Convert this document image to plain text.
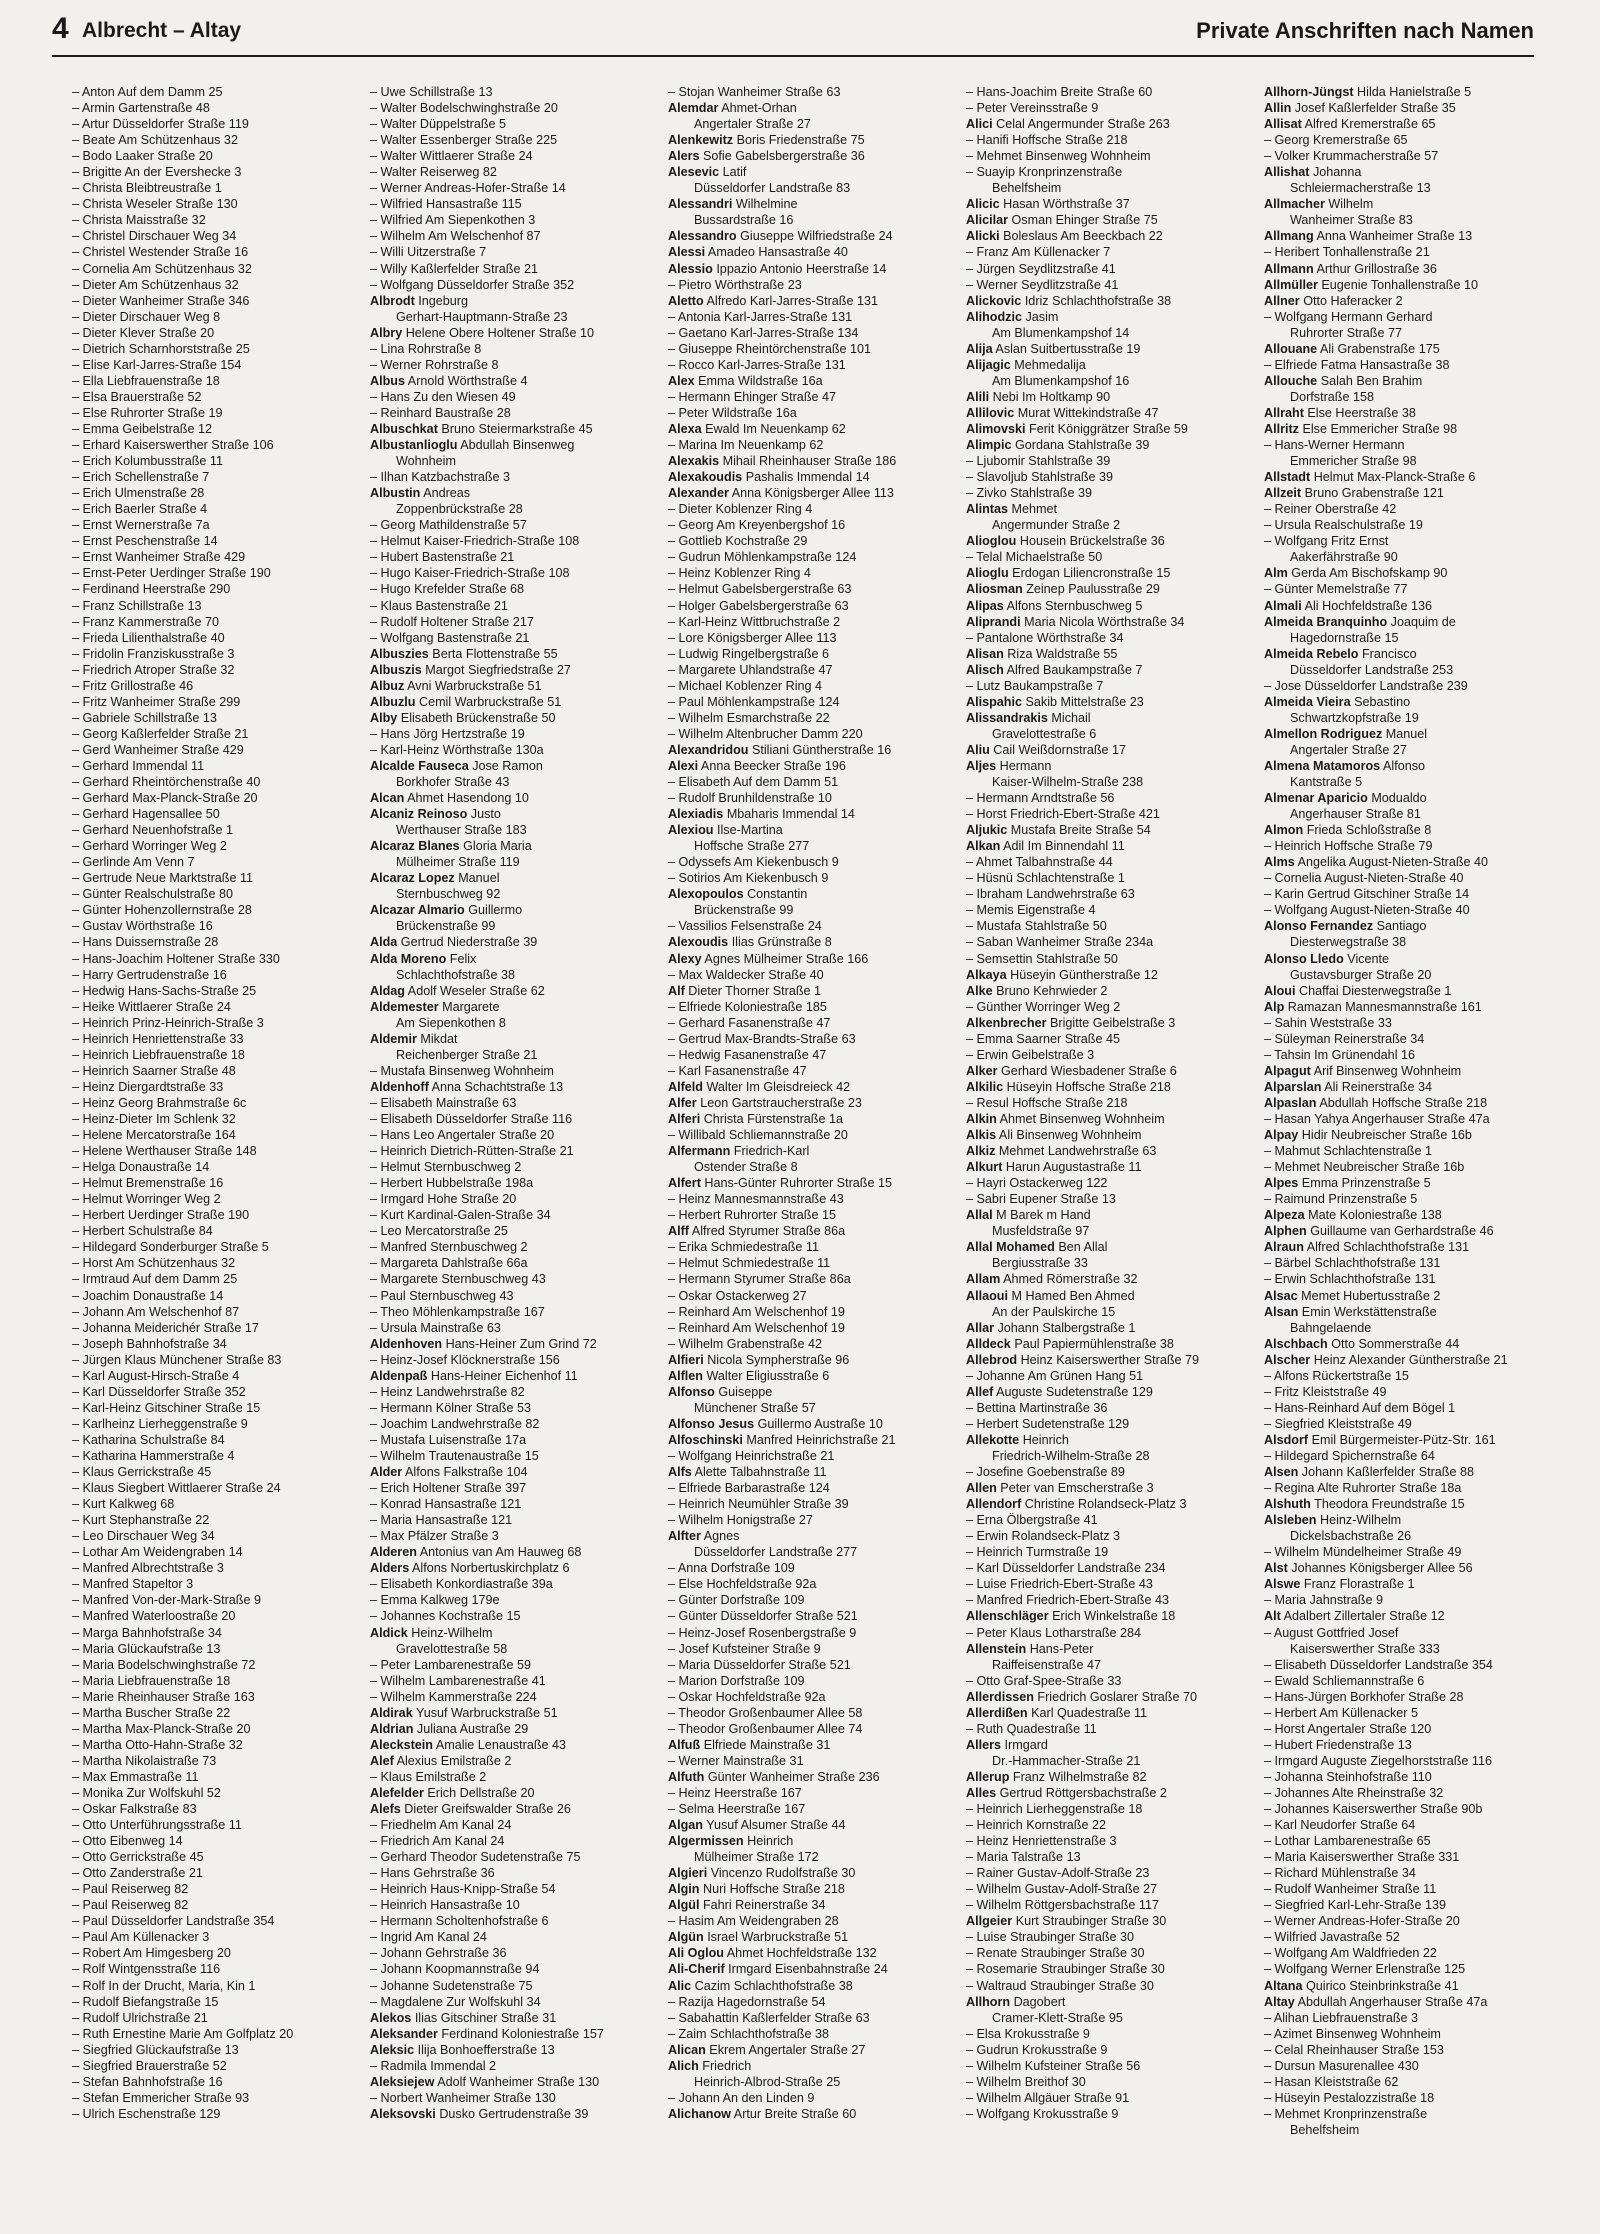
4 Albrecht – Altay	Private Anschriften nach Namen
– Anton Auf dem Damm 25
– Armin Gartenstraße 48
– Artur Düsseldorfer Straße 119
– Beate Am Schützenhaus 32
– Bodo Laaker Straße 20
– Brigitte An der Evershecke 3
– Christa Bleibtreustraße 1
– Christa Weseler Straße 130
– Christa Maisstraße 32
– Christel Dirschauer Weg 34
– Christel Westender Straße 16
– Cornelia Am Schützenhaus 32
– Dieter Am Schützenhaus 32
– Dieter Wanheimer Straße 346
– Dieter Dirschauer Weg 8
– Dieter Klever Straße 20
– Dietrich Scharnhorststraße 25
– Elise Karl-Jarres-Straße 154
– Ella Liebfrauenstraße 18
– Elsa Brauerstraße 52
– Else Ruhrorter Straße 19
– Emma Geibelstraße 12
– Erhard Kaiserswerther Straße 106
– Erich Kolumbusstraße 11
– Erich Schellenstraße 7
– Erich Ulmenstraße 28
– Erich Baerler Straße 4
– Ernst Wernerstraße 7a
– Ernst Peschenstraße 14
– Ernst Wanheimer Straße 429
– Ernst-Peter Uerdinger Straße 190
– Ferdinand Heerstraße 290
– Franz Schillstraße 13
– Franz Kammerstraße 70
– Frieda Lilienthalstraße 40
– Fridolin Franziskusstraße 3
– Friedrich Atroper Straße 32
– Fritz Grillostraße 46
– Fritz Wanheimer Straße 299
– Gabriele Schillstraße 13
– Georg Kaßlerfelder Straße 21
– Gerd Wanheimer Straße 429
– Gerhard Immendal 11
– Gerhard Rheintörchenstraße 40
– Gerhard Max-Planck-Straße 20
– Gerhard Hagensallee 50
– Gerhard Neuenhofstraße 1
– Gerhard Worringer Weg 2
– Gerlinde Am Venn 7
– Gertrude Neue Marktstraße 11
– Günter Realschulstraße 80
– Günter Hohenzollernstraße 28
– Gustav Wörthstraße 16
– Hans Duissernstraße 28
– Hans-Joachim Holtener Straße 330
– Harry Gertrudenstraße 16
– Hedwig Hans-Sachs-Straße 25
– Heike Wittlaerer Straße 24
– Heinrich Prinz-Heinrich-Straße 3
– Heinrich Henriettenstraße 33
– Heinrich Liebfrauenstraße 18
– Heinrich Saarner Straße 48
– Heinz Diergardtstraße 33
– Heinz Georg Brahmstraße 6c
– Heinz-Dieter Im Schlenk 32
– Helene Mercatorstraße 164
– Helene Werthauser Straße 148
– Helga Donaustraße 14
– Helmut Bremenstraße 16
– Helmut Worringer Weg 2
– Herbert Uerdinger Straße 190
– Herbert Schulstraße 84
– Hildegard Sonderburger Straße 5
– Horst Am Schützenhaus 32
– Irmtraud Auf dem Damm 25
– Joachim Donaustraße 14
– Johann Am Welschenhof 87
– Johanna Meiderichér Straße 17
– Joseph Bahnhofstraße 34
– Jürgen Klaus Münchener Straße 83
– Karl August-Hirsch-Straße 4
– Karl Düsseldorfer Straße 352
– Karl-Heinz Gitschiner Straße 15
– Karlheinz Lierheggenstraße 9
– Katharina Schulstraße 84
– Katharina Hammerstraße 4
– Klaus Gerrickstraße 45
– Klaus Siegbert Wittlaerer Straße 24
– Kurt Kalkweg 68
– Kurt Stephanstraße 22
– Leo Dirschauer Weg 34
– Lothar Am Weidengraben 14
– Manfred Albrechtstraße 3
– Manfred Stapeltor 3
– Manfred Von-der-Mark-Straße 9
– Manfred Waterloostraße 20
– Marga Bahnhofstraße 34
– Maria Glückaufstraße 13
– Maria Bodelschwinghstraße 72
– Maria Liebfrauenstraße 18
– Marie Rheinhauser Straße 163
– Martha Buscher Straße 22
– Martha Max-Planck-Straße 20
– Martha Otto-Hahn-Straße 32
– Martha Nikolaistraße 73
– Max Emmastraße 11
– Monika Zur Wolfskuhl 52
– Oskar Falkstraße 83
– Otto Unterführungsstraße 11
– Otto Eibenweg 14
– Otto Gerrickstraße 45
– Otto Zanderstraße 21
– Paul Reiserweg 82
– Paul Reiserweg 82
– Paul Düsseldorfer Landstraße 354
– Paul Am Küllenacker 3
– Robert Am Himgesberg 20
– Rolf Wintgensstraße 116
– Rolf In der Drucht, Maria, Kin 1
– Rudolf Biefangstraße 15
– Rudolf Ulrichstraße 21
– Ruth Ernestine Marie Am Golfplatz 20
– Siegfried Glückaufstraße 13
– Siegfried Brauerstraße 52
– Stefan Bahnhofstraße 16
– Stefan Emmericher Straße 93
– Ulrich Eschenstraße 129
– Uwe Schillstraße 13
– Walter Bodelschwinghstraße 20
– Walter Düppelstraße 5
– Walter Essenberger Straße 225
– Walter Wittlaerer Straße 24
– Walter Reiserweg 82
– Werner Andreas-Hofer-Straße 14
– Wilfried Hansastraße 115
– Wilfried Am Siepenkothen 3
– Wilhelm Am Welschenhof 87
– Willi Uitzerstraße 7
– Willy Kaßlerfelder Straße 21
– Wolfgang Düsseldorfer Straße 352
Albrodt Ingeburg
Gerhart-Hauptmann-Straße 23
Albry Helene Obere Holtener Straße 10
– Lina Rohrstraße 8
– Werner Rohrstraße 8
Albus Arnold Wörthstraße 4
– Hans Zu den Wiesen 49
– Reinhard Baustraße 28
Albuschkat Bruno Steiermarkstraße 45
Albustanlioglu Abdullah Binsenweg
Wohnheim
– Ilhan Katzbachstraße 3
Albustin Andreas
Zoppenbrückstraße 28
– Georg Mathildenstraße 57
– Helmut Kaiser-Friedrich-Straße 108
– Hubert Bastenstraße 21
– Hugo Kaiser-Friedrich-Straße 108
– Hugo Krefelder Straße 68
– Klaus Bastenstraße 21
– Rudolf Holtener Straße 217
– Wolfgang Bastenstraße 21
Albuszies Berta Flottenstraße 55
Albuszis Margot Siegfriedstraße 27
Albuz Avni Warbruckstraße 51
Albuzlu Cemil Warbruckstraße 51
Alby Elisabeth Brückenstraße 50
– Hans Jörg Hertzstraße 19
– Karl-Heinz Wörthstraße 130a
Alcalde Fauseca Jose Ramon
Borkhofer Straße 43
Alcan Ahmet Hasendong 10
Alcaniz Reinoso Justo
Werthauser Straße 183
Alcaraz Blanes Gloria Maria
Mülheimer Straße 119
Alcaraz Lopez Manuel
Sternbuschweg 92
Alcazar Almario Guillermo
Brückenstraße 99
Alda Gertrud Niederstraße 39
Alda Moreno Felix
Schlachthofstraße 38
Aldag Adolf Weseler Straße 62
Aldemester Margarete
Am Siepenkothen 8
Aldemir Mikdat
Reichenberger Straße 21
– Mustafa Binsenweg Wohnheim
Aldenhoff Anna Schachtstraße 13
– Elisabeth Mainstraße 63
– Elisabeth Düsseldorfer Straße 116
– Hans Leo Angertaler Straße 20
– Heinrich Dietrich-Rütten-Straße 21
– Helmut Sternbuschweg 2
– Herbert Hubbelstraße 198a
– Irmgard Hohe Straße 20
– Kurt Kardinal-Galen-Straße 34
– Leo Mercatorstraße 25
– Manfred Sternbuschweg 2
– Margareta Dahlstraße 66a
– Margarete Sternbuschweg 43
– Paul Sternbuschweg 43
– Theo Möhlenkampstraße 167
– Ursula Mainstraße 63
Aldenhoven Hans-Heiner Zum Grind 72
– Heinz-Josef Klöcknerstraße 156
Aldenpaß Hans-Heiner Eichenhof 11
– Heinz Landwehrstraße 82
– Hermann Kölner Straße 53
– Joachim Landwehrstraße 82
– Mustafa Luisenstraße 17a
– Wilhelm Trautenaustraße 15
Alder Alfons Falkstraße 104
– Erich Holtener Straße 397
– Konrad Hansastraße 121
– Maria Hansastraße 121
– Max Pfälzer Straße 3
Alderen Antonius van Am Hauweg 68
Alders Alfons Norbertuskirchplatz 6
– Elisabeth Konkordiastraße 39a
– Emma Kalkweg 179e
– Johannes Kochstraße 15
Aldick Heinz-Wilhelm
Gravelottestraße 58
– Peter Lambarenestraße 59
– Wilhelm Lambarenestraße 41
– Wilhelm Kammerstraße 224
Aldirak Yusuf Warbruckstraße 51
Aldrian Juliana Austraße 29
Aleckstein Amalie Lenaustraße 43
Alef Alexius Emilstraße 2
– Klaus Emilstraße 2
Alefelder Erich Dellstraße 20
Alefs Dieter Greifswalder Straße 26
– Friedhelm Am Kanal 24
– Friedrich Am Kanal 24
– Gerhard Theodor Sudetenstraße 75
– Hans Gehrstraße 36
– Heinrich Haus-Knipp-Straße 54
– Heinrich Hansastraße 10
– Hermann Scholtenhofstraße 6
– Ingrid Am Kanal 24
– Johann Gehrstraße 36
– Johann Koopmannstraße 94
– Johanne Sudetenstraße 75
– Magdalene Zur Wolfskuhl 34
Alekos Ilias Gitschiner Straße 31
Aleksander Ferdinand Koloniestraße 157
Aleksic Ilija Bonhoefferstraße 13
– Radmila Immendal 2
Aleksiejew Adolf Wanheimer Straße 130
– Norbert Wanheimer Straße 130
Aleksovski Dusko Gertrudenstraße 39
– Stojan Wanheimer Straße 63
Alemdar Ahmet-Orhan
Angertaler Straße 27
Alenkewitz Boris Friedenstraße 75
Alers Sofie Gabelsbergerstraße 36
Alesevic Latif
Düsseldorfer Landstraße 83
Alessandri Wilhelmine
Bussardstraße 16
Alessandro Giuseppe Wilfriedstraße 24
Alessi Amadeo Hansastraße 40
Alessio Ippazio Antonio Heerstraße 14
– Pietro Wörthstraße 23
Aletto Alfredo Karl-Jarres-Straße 131
– Antonia Karl-Jarres-Straße 131
– Gaetano Karl-Jarres-Straße 134
– Giuseppe Rheintörchenstraße 101
– Rocco Karl-Jarres-Straße 131
Alex Emma Wildstraße 16a
– Hermann Ehinger Straße 47
– Peter Wildstraße 16a
Alexa Ewald Im Neuenkamp 62
– Marina Im Neuenkamp 62
Alexakis Mihail Rheinhauser Straße 186
Alexakoudis Pashalis Immendal 14
Alexander Anna Königsberger Allee 113
– Dieter Koblenzer Ring 4
– Georg Am Kreyenbergshof 16
– Gottlieb Kochstraße 29
– Gudrun Möhlenkampstraße 124
– Heinz Koblenzer Ring 4
– Helmut Gabelsbergerstraße 63
– Holger Gabelsbergerstraße 63
– Karl-Heinz Wittbruchstraße 2
– Lore Königsberger Allee 113
– Ludwig Ringelbergstraße 6
– Margarete Uhlandstraße 47
– Michael Koblenzer Ring 4
– Paul Möhlenkampstraße 124
– Wilhelm Esmarchstraße 22
– Wilhelm Altenbrucher Damm 220
Alexandridou Stiliani Güntherstraße 16
Alexi Anna Beecker Straße 196
– Elisabeth Auf dem Damm 51
– Rudolf Brunhildenstraße 10
Alexiadis Mbaharis Immendal 14
Alexiou Ilse-Martina
Hoffsche Straße 277
– Odyssefs Am Kiekenbusch 9
– Sotirios Am Kiekenbusch 9
Alexopoulos Constantin
Brückenstraße 99
– Vassilios Felsenstraße 24
Alexoudis Ilias Grünstraße 8
Alexy Agnes Mülheimer Straße 166
– Max Waldecker Straße 40
Alf Dieter Thorner Straße 1
– Elfriede Koloniestraße 185
– Gerhard Fasanenstraße 47
– Gertrud Max-Brandts-Straße 63
– Hedwig Fasanenstraße 47
– Karl Fasanenstraße 47
Alfeld Walter Im Gleisdreieck 42
Alfer Leon Gartstraucherstraße 23
Alferi Christa Fürstenstraße 1a
– Willibald Schliemannstraße 20
Alfermann Friedrich-Karl
Ostender Straße 8
Alfert Hans-Günter Ruhrorter Straße 15
– Heinz Mannesmannstraße 43
– Herbert Ruhrorter Straße 15
Alff Alfred Styrumer Straße 86a
– Erika Schmiedestraße 11
– Helmut Schmiedestraße 11
– Hermann Styrumer Straße 86a
– Oskar Ostackerweg 27
– Reinhard Am Welschenhof 19
– Reinhard Am Welschenhof 19
– Wilhelm Grabenstraße 42
Alfieri Nicola Sympherstraße 96
Alflen Walter Eligiusstraße 6
Alfonso Guiseppe
Münchener Straße 57
Alfonso Jesus Guillermo Austraße 10
Alfoschinski Manfred Heinrichstraße 21
– Wolfgang Heinrichstraße 21
Alfs Alette Talbahnstraße 11
– Elfriede Barbarastraße 124
– Heinrich Neumühler Straße 39
– Wilhelm Honigstraße 27
Alfter Agnes
Düsseldorfer Landstraße 277
– Anna Dorfstraße 109
– Else Hochfeldstraße 92a
– Günter Dorfstraße 109
– Günter Düsseldorfer Straße 521
– Heinz-Josef Rosenbergstraße 9
– Josef Kufsteiner Straße 9
– Maria Düsseldorfer Straße 521
– Marion Dorfstraße 109
– Oskar Hochfeldstraße 92a
– Theodor Großenbaumer Allee 58
– Theodor Großenbaumer Allee 74
Alfuß Elfriede Mainstraße 31
– Werner Mainstraße 31
Alfuth Günter Wanheimer Straße 236
– Heinz Heerstraße 167
– Selma Heerstraße 167
Algan Yusuf Alsumer Straße 44
Algermissen Heinrich
Mülheimer Straße 172
Algieri Vincenzo Rudolfstraße 30
Algin Nuri Hoffsche Straße 218
Algül Fahri Reinerstraße 34
– Hasim Am Weidengraben 28
Algün Israel Warbruckstraße 51
Ali Oglou Ahmet Hochfeldstraße 132
Ali-Cherif Irmgard Eisenbahnstraße 24
Alic Cazim Schlachthofstraße 38
– Razija Hagedornstraße 54
– Sabahattin Kaßlerfelder Straße 63
– Zaim Schlachthofstraße 38
Alican Ekrem Angertaler Straße 27
Alich Friedrich
Heinrich-Albrod-Straße 25
– Johann An den Linden 9
Alichanow Artur Breite Straße 60
– Hans-Joachim Breite Straße 60
– Peter Vereinsstraße 9
Alici Celal Angermunder Straße 263
– Hanifi Hoffsche Straße 218
– Mehmet Binsenweg Wohnheim
– Suayip Kronprinzenstraße
Behelfsheim
Alicic Hasan Wörthstraße 37
Alicilar Osman Ehinger Straße 75
Alicki Boleslaus Am Beeckbach 22
– Franz Am Küllenacker 7
– Jürgen Seydlitzstraße 41
– Werner Seydlitzstraße 41
Alickovic Idriz Schlachthofstraße 38
Alihodzic Jasim
Am Blumenkampshof 14
Alija Aslan Suitbertusstraße 19
Alijagic Mehmedalija
Am Blumenkampshof 16
Alili Nebi Im Holtkamp 90
Allilovic Murat Wittekindstraße 47
Alimovski Ferit Königgrätzer Straße 59
Alimpic Gordana Stahlstraße 39
– Ljubomir Stahlstraße 39
– Slavoljub Stahlstraße 39
– Zivko Stahlstraße 39
Alintas Mehmet
Angermunder Straße 2
Alioglou Housein Brückelstraße 36
– Telal Michaelstraße 50
Alioglu Erdogan Liliencronstraße 15
Aliosman Zeinep Paulusstraße 29
Alipas Alfons Sternbuschweg 5
Aliprandi Maria Nicola Wörthstraße 34
– Pantalone Wörthstraße 34
Alisan Riza Waldstraße 55
Alisch Alfred Baukampstraße 7
– Lutz Baukampstraße 7
Alispahic Sakib Mittelstraße 23
Alissandrakis Michail
Gravelottestraße 6
Aliu Cail Weißdornstraße 17
Aljes Hermann
Kaiser-Wilhelm-Straße 238
– Hermann Arndtstraße 56
– Horst Friedrich-Ebert-Straße 421
Aljukic Mustafa Breite Straße 54
Alkan Adil Im Binnendahl 11
– Ahmet Talbahnstraße 44
– Hüsnü Schlachtenstraße 1
– Ibraham Landwehrstraße 63
– Memis Eigenstraße 4
– Mustafa Stahlstraße 50
– Saban Wanheimer Straße 234a
– Semsettin Stahlstraße 50
Alkaya Hüseyin Güntherstraße 12
Alke Bruno Kehrwieder 2
– Günther Worringer Weg 2
Alkenbrecher Brigitte Geibelstraße 3
– Emma Saarner Straße 45
– Erwin Geibelstraße 3
Alker Gerhard Wiesbadener Straße 6
Alkilic Hüseyin Hoffsche Straße 218
– Resul Hoffsche Straße 218
Alkin Ahmet Binsenweg Wohnheim
Alkis Ali Binsenweg Wohnheim
Alkiz Mehmet Landwehrstraße 63
Alkurt Harun Augustastraße 11
– Hayri Ostackerweg 122
– Sabri Eupener Straße 13
Allal M Barek m Hand
Musfeldstraße 97
Allal Mohamed Ben Allal
Bergiusstraße 33
Allam Ahmed Römerstraße 32
Allaoui M Hamed Ben Ahmed
An der Paulskirche 15
Allar Johann Stalbergstraße 1
Alldeck Paul Papiermühlenstraße 38
Allebrod Heinz Kaiserswerther Straße 79
– Johanne Am Grünen Hang 51
Allef Auguste Sudetenstraße 129
– Bettina Martinstraße 36
– Herbert Sudetenstraße 129
Allekotte Heinrich
Friedrich-Wilhelm-Straße 28
– Josefine Goebenstraße 89
Allen Peter van Emscherstraße 3
Allendorf Christine Rolandseck-Platz 3
– Erna Ölbergstraße 41
– Erwin Rolandseck-Platz 3
– Heinrich Turmstraße 19
– Karl Düsseldorfer Landstraße 234
– Luise Friedrich-Ebert-Straße 43
– Manfred Friedrich-Ebert-Straße 43
Allenschläger Erich Winkelstraße 18
– Peter Klaus Lotharstraße 284
Allenstein Hans-Peter
Raiffeisenstraße 47
– Otto Graf-Spee-Straße 33
Allerdissen Friedrich Goslarer Straße 70
Allerdißen Karl Quadestraße 11
– Ruth Quadestraße 11
Allers Irmgard
Dr.-Hammacher-Straße 21
Allerup Franz Wilhelmstraße 82
Alles Gertrud Röttgersbachstraße 2
– Heinrich Lierheggenstraße 18
– Heinrich Kornstraße 22
– Heinz Henriettenstraße 3
– Maria Talstraße 13
– Rainer Gustav-Adolf-Straße 23
– Wilhelm Gustav-Adolf-Straße 27
– Wilhelm Röttgersbachstraße 117
Allgeier Kurt Straubinger Straße 30
– Luise Straubinger Straße 30
– Renate Straubinger Straße 30
– Rosemarie Straubinger Straße 30
– Waltraud Straubinger Straße 30
Allhorn Dagobert
Cramer-Klett-Straße 95
– Elsa Krokusstraße 9
– Gudrun Krokusstraße 9
– Wilhelm Kufsteiner Straße 56
– Wilhelm Breithof 30
– Wilhelm Allgäuer Straße 91
– Wolfgang Krokusstraße 9
Allhorn-Jüngst Hilda Hanielstraße 5
Allin Josef Kaßlerfelder Straße 35
Allisat Alfred Kremerstraße 65
– Georg Kremerstraße 65
– Volker Krummacherstraße 57
Allishat Johanna
Schleiermacherstraße 13
Allmacher Wilhelm
Wanheimer Straße 83
Allmang Anna Wanheimer Straße 13
– Heribert Tonhallenstraße 21
Allmann Arthur Grillostraße 36
Allmüller Eugenie Tonhallenstraße 10
Allner Otto Haferacker 2
– Wolfgang Hermann Gerhard
Ruhrorter Straße 77
Allouane Ali Grabenstraße 175
– Elfriede Fatma Hansastraße 38
Allouche Salah Ben Brahim
Dorfstraße 158
Allraht Else Heerstraße 38
Allritz Else Emmericher Straße 98
– Hans-Werner Hermann
Emmericher Straße 98
Allstadt Helmut Max-Planck-Straße 6
Allzeit Bruno Grabenstraße 121
– Reiner Oberstraße 42
– Ursula Realschulstraße 19
– Wolfgang Fritz Ernst
Aakerfährstraße 90
Alm Gerda Am Bischofskamp 90
– Günter Memelstraße 77
Almali Ali Hochfeldstraße 136
Almeida Branquinho Joaquim de
Hagedornstraße 15
Almeida Rebelo Francisco
Düsseldorfer Landstraße 253
– Jose Düsseldorfer Landstraße 239
Almeida Vieira Sebastino
Schwartzkopfstraße 19
Almellon Rodriguez Manuel
Angertaler Straße 27
Almena Matamoros Alfonso
Kantstraße 5
Almenar Aparicio Modualdo
Angerhauser Straße 81
Almon Frieda Schloßstraße 8
– Heinrich Hoffsche Straße 79
Alms Angelika August-Nieten-Straße 40
– Cornelia August-Nieten-Straße 40
– Karin Gertrud Gitschiner Straße 14
– Wolfgang August-Nieten-Straße 40
Alonso Fernandez Santiago
Diesterwegstraße 38
Alonso Lledo Vicente
Gustavsburger Straße 20
Aloui Chaffai Diesterwegstraße 1
Alp Ramazan Mannesmannstraße 161
– Sahin Weststraße 33
– Süleyman Reinerstraße 34
– Tahsin Im Grünendahl 16
Alpagut Arif Binsenweg Wohnheim
Alparslan Ali Reinerstraße 34
Alpaslan Abdullah Hoffsche Straße 218
– Hasan Yahya Angerhauser Straße 47a
Alpay Hidir Neubreischer Straße 16b
– Mahmut Schlachtenstraße 1
– Mehmet Neubreischer Straße 16b
Alpes Emma Prinzenstraße 5
– Raimund Prinzenstraße 5
Alpeza Mate Koloniestraße 138
Alphen Guillaume van Gerhardstraße 46
Alraun Alfred Schlachthofstraße 131
– Bärbel Schlachthofstraße 131
– Erwin Schlachthofstraße 131
Alsac Memet Hubertusstraße 2
Alsan Emin Werkstättenstraße
Bahngelaende
Alschbach Otto Sommerstraße 44
Alscher Heinz Alexander Güntherstraße 21
– Alfons Rückertstraße 15
– Fritz Kleiststraße 49
– Hans-Reinhard Auf dem Bögel 1
– Siegfried Kleiststraße 49
Alsdorf Emil Bürgermeister-Pütz-Str. 161
– Hildegard Spichernstraße 64
Alsen Johann Kaßlerfelder Straße 88
– Regina Alte Ruhrorter Straße 18a
Alshuth Theodora Freundstraße 15
Alsleben Heinz-Wilhelm
Dickelsbachstraße 26
– Wilhelm Mündelheimer Straße 49
Alst Johannes Königsberger Allee 56
Alswe Franz Florastraße 1
– Maria Jahnstraße 9
Alt Adalbert Zillertaler Straße 12
– August Gottfried Josef
Kaiserswerther Straße 333
– Elisabeth Düsseldorfer Landstraße 354
– Ewald Schliemannstraße 6
– Hans-Jürgen Borkhofer Straße 28
– Herbert Am Küllenacker 5
– Horst Angertaler Straße 120
– Hubert Friedenstraße 13
– Irmgard Auguste Ziegelhorststraße 116
– Johanna Steinhofstraße 110
– Johannes Alte Rheinstraße 32
– Johannes Kaiserswerther Straße 90b
– Karl Neudorfer Straße 64
– Lothar Lambarenestraße 65
– Maria Kaiserswerther Straße 331
– Richard Mühlenstraße 34
– Rudolf Wanheimer Straße 11
– Siegfried Karl-Lehr-Straße 139
– Werner Andreas-Hofer-Straße 20
– Wilfried Javastraße 52
– Wolfgang Am Waldfrieden 22
– Wolfgang Werner Erlenstraße 125
Altana Quirico Steinbrinkstraße 41
Altay Abdullah Angerhauser Straße 47a
– Alihan Liebfrauenstraße 3
– Azimet Binsenweg Wohnheim
– Celal Rheinhauser Straße 153
– Dursun Masurenallee 430
– Hasan Kleiststraße 62
– Hüseyin Pestalozzistraße 18
– Mehmet Kronprinzenstraße
Behelfsheim
